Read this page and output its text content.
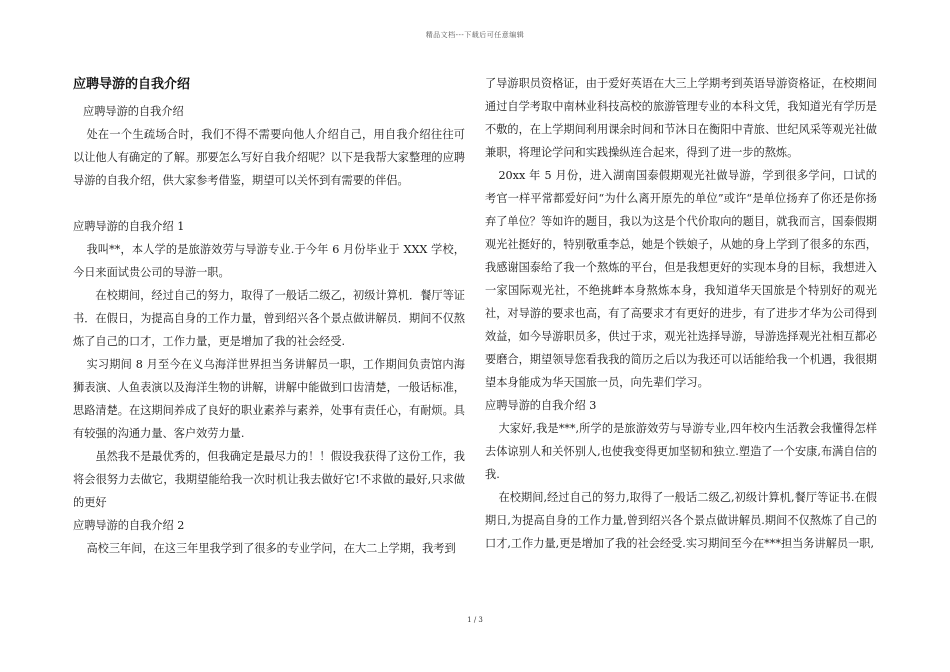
精品文档---下载后可任意编辑
应聘导游的自我介绍

应聘导游的自我介绍

处在一个生疏场合时，我们不得不需要向他人介绍自己，用自我介绍往往可以让他人有确定的了解。那要怎么写好自我介绍呢？以下是我帮大家整理的应聘导游的自我介绍，供大家参考借鉴，期望可以关怀到有需要的伴侣。

应聘导游的自我介绍 1

我叫**，本人学的是旅游效劳与导游专业.于今年 6 月份毕业于 XXX 学校，今日来面试贵公司的导游一职。

在校期间，经过自己的努力，取得了一般话二级乙，初级计算机．餐厅等证书．在假日，为提高自身的工作力量，曾到绍兴各个景点做讲解员．期间不仅熬炼了自己的口才，工作力量，更是增加了我的社会经受.

实习期间 8 月至今在义乌海洋世界担当务讲解员一职，工作期间负责馆内海狮表演、人鱼表演以及海洋生物的讲解，讲解中能做到口齿清楚，一般话标准，思路清楚。在这期间养成了良好的职业素养与素养，处事有责任心，有耐烦。具有较强的沟通力量、客户效劳力量.

虽然我不是最优秀的，但我确定是最尽力的！！假设我获得了这份工作，我将会很努力去做它，我期望能给我一次时机让我去做好它!不求做的最好,只求做的更好

应聘导游的自我介绍 2

高校三年间，在这三年里我学到了很多的专业学问，在大二上学期，我考到

了导游职员资格证，由于爱好英语在大三上学期考到英语导游资格证，在校期间通过自学考取中南林业科技高校的旅游管理专业的本科文凭，我知道光有学历是不敷的，在上学期间利用课余时间和节沐日在衡阳中青旅、世纪风采等观光社做兼职，将理论学问和实践操纵连合起来，得到了进一步的熬炼。

20xx 年 5 月份，进入湖南国泰假期观光社做导游，学到很多学问，口试的考官一样平常都爱好问“为什么离开原先的单位”或许“是单位扬弃了你还是你扬弃了单位？等如许的题目，我以为这是个代价取向的题目，就我而言，国泰假期观光社挺好的，特别敬重李总，她是个铁娘子，从她的身上学到了很多的东西，我感谢国泰给了我一个熬炼的平台，但是我想更好的实现本身的目标，我想进入一家国际观光社，不绝挑衅本身熬炼本身，我知道华天国旅是个特别好的观光社，对导游的要求也高，有了高要求才有更好的进步，有了进步才华为公司得到效益，如今导游职员多，供过于求，观光社选择导游，导游选择观光社相互都必要磨合，期望领导您看我我的简历之后以为我还可以话能给我一个机遇，我很期望本身能成为华天国旅一员，向先辈们学习。

应聘导游的自我介绍 3

大家好,我是***,所学的是旅游效劳与导游专业,四年校内生活教会我懂得怎样去体谅别人和关怀别人,也使我变得更加坚韧和独立.塑造了一个安康,布满自信的我.

在校期间,经过自己的努力,取得了一般话二级乙,初级计算机,餐厅等证书.在假期日,为提高自身的工作力量,曾到绍兴各个景点做讲解员.期间不仅熬炼了自己的口才,工作力量,更是增加了我的社会经受.实习期间至今在***担当务讲解员一职,

1 / 3
